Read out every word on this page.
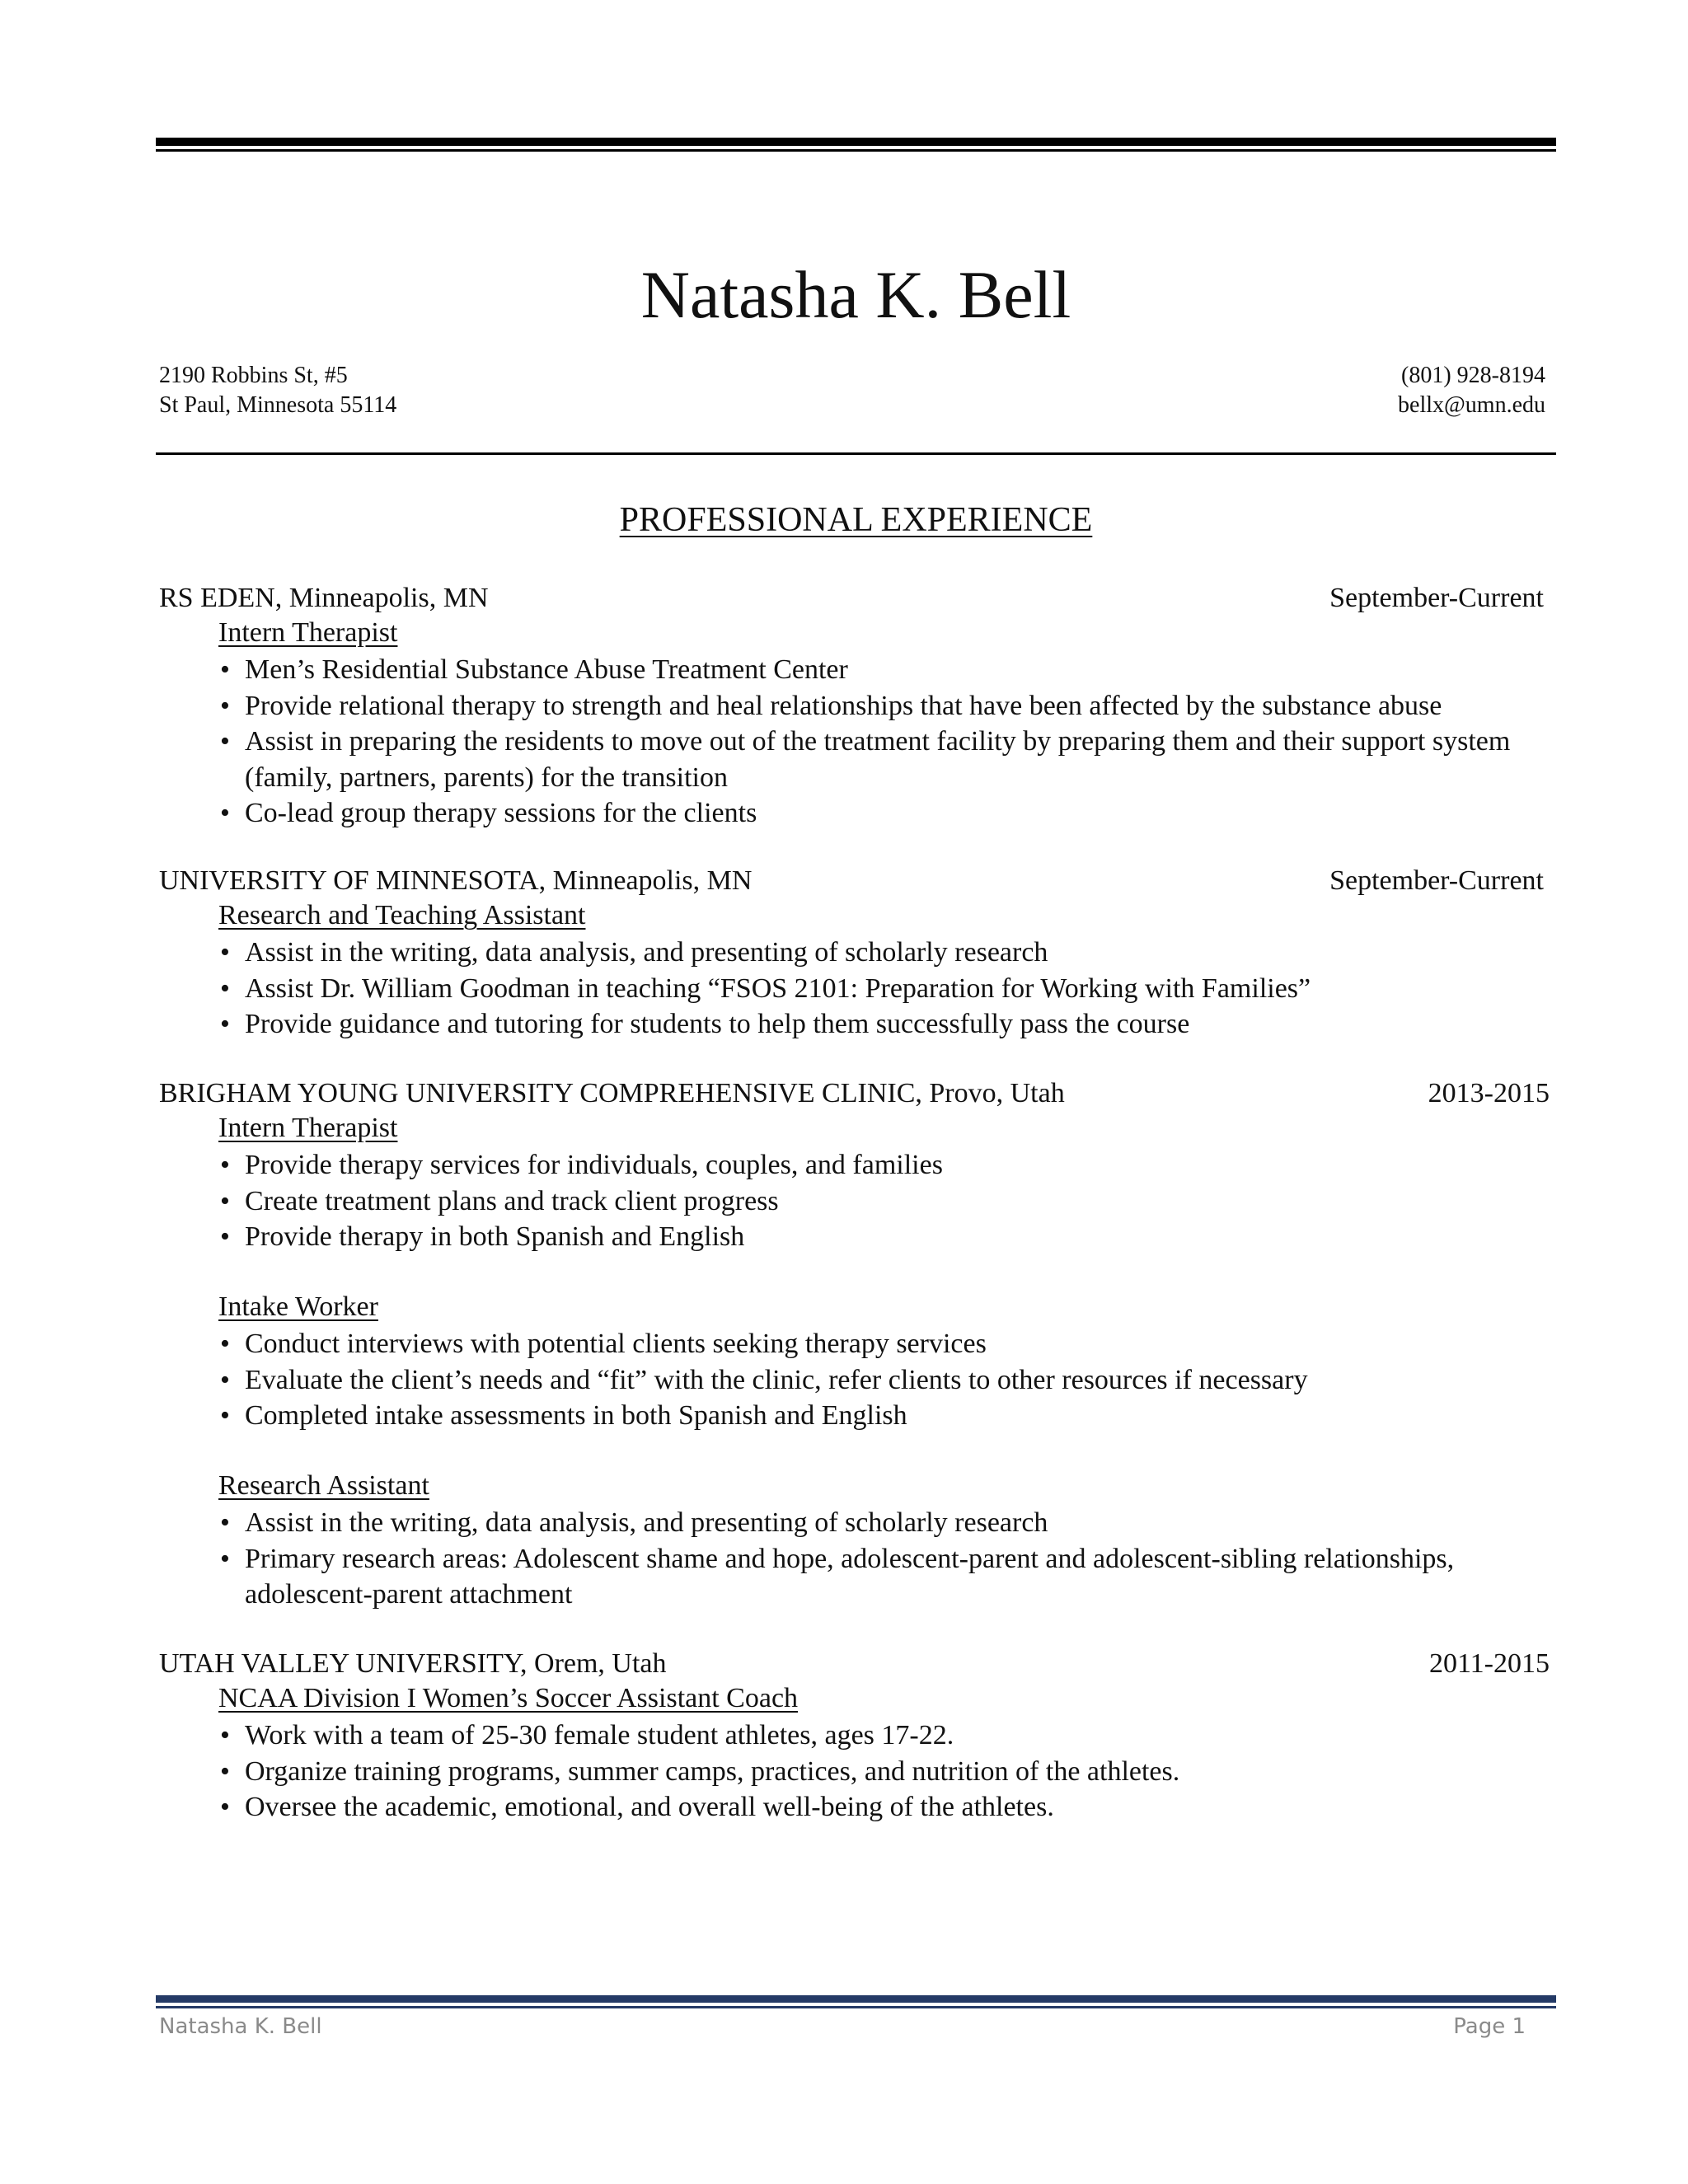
Natasha K. Bell
2190 Robbins St, #5
St Paul, Minnesota 55114
(801) 928-8194
bellx@umn.edu
PROFESSIONAL EXPERIENCE
RS EDEN, Minneapolis, MN	September-Current
Intern Therapist
• Men’s Residential Substance Abuse Treatment Center
• Provide relational therapy to strength and heal relationships that have been affected by the substance abuse
• Assist in preparing the residents to move out of the treatment facility by preparing them and their support system (family, partners, parents) for the transition
• Co-lead group therapy sessions for the clients
UNIVERSITY OF MINNESOTA, Minneapolis, MN	September-Current
Research and Teaching Assistant
• Assist in the writing, data analysis, and presenting of scholarly research
• Assist Dr. William Goodman in teaching “FSOS 2101: Preparation for Working with Families”
• Provide guidance and tutoring for students to help them successfully pass the course
BRIGHAM YOUNG UNIVERSITY COMPREHENSIVE CLINIC, Provo, Utah	2013-2015
Intern Therapist
• Provide therapy services for individuals, couples, and families
• Create treatment plans and track client progress
• Provide therapy in both Spanish and English
Intake Worker
• Conduct interviews with potential clients seeking therapy services
• Evaluate the client’s needs and “fit” with the clinic, refer clients to other resources if necessary
• Completed intake assessments in both Spanish and English
Research Assistant
• Assist in the writing, data analysis, and presenting of scholarly research
• Primary research areas: Adolescent shame and hope, adolescent-parent and adolescent-sibling relationships, adolescent-parent attachment
UTAH VALLEY UNIVERSITY, Orem, Utah	2011-2015
NCAA Division I Women’s Soccer Assistant Coach
• Work with a team of 25-30 female student athletes, ages 17-22.
• Organize training programs, summer camps, practices, and nutrition of the athletes.
• Oversee the academic, emotional, and overall well-being of the athletes.
Natasha K. Bell	Page 1
